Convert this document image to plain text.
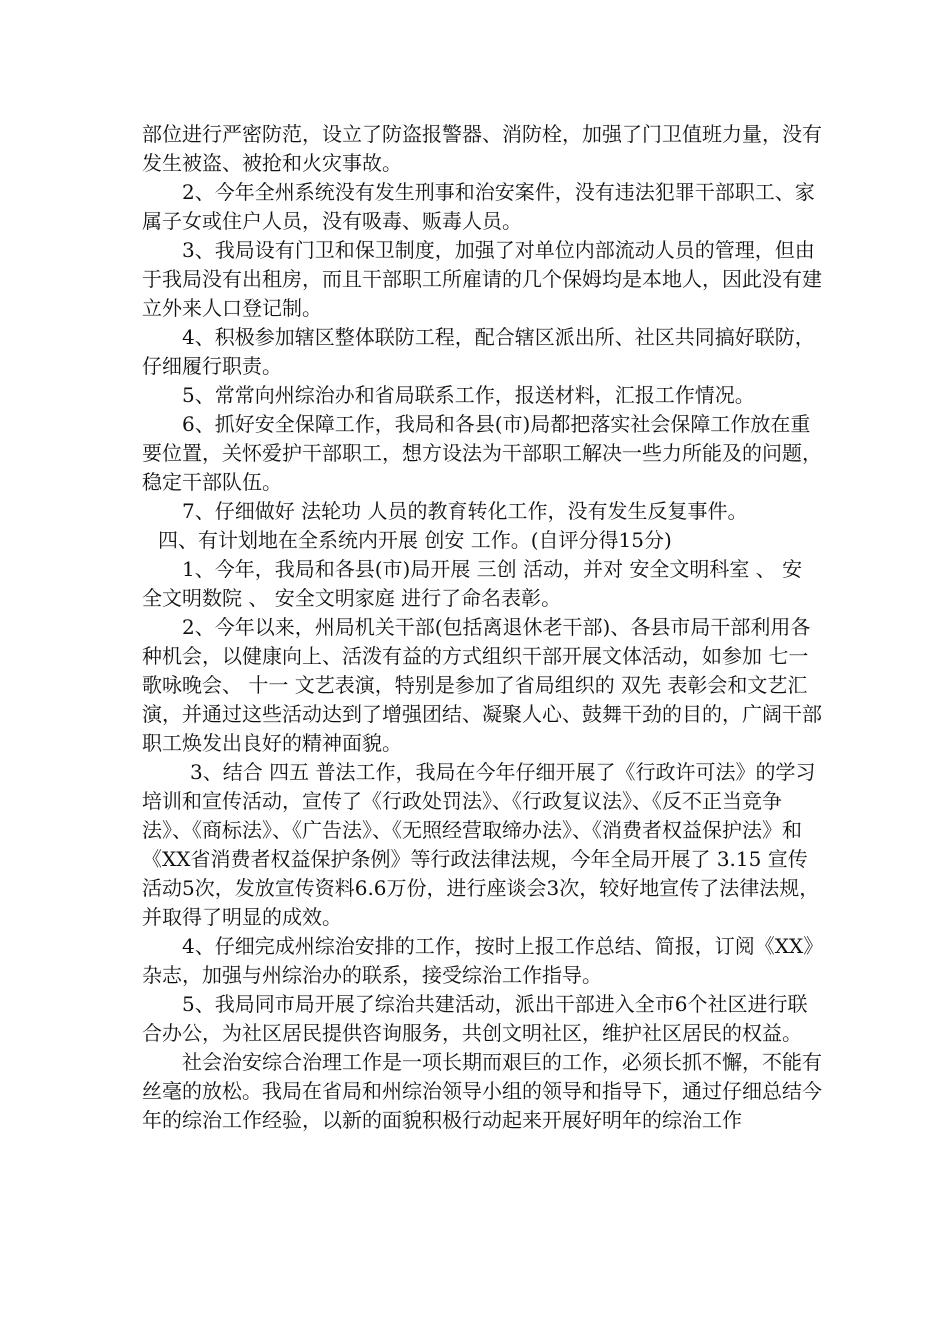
部位进行严密防范，设立了防盗报警器、消防栓，加强了门卫值班力量，没有发生被盗、被抢和火灾事故。

2、今年全州系统没有发生刑事和治安案件，没有违法犯罪干部职工、家属子女或住户人员，没有吸毒、贩毒人员。

3、我局设有门卫和保卫制度，加强了对单位内部流动人员的管理，但由于我局没有出租房，而且干部职工所雇请的几个保姆均是本地人，因此没有建立外来人口登记制。

4、积极参加辖区整体联防工程，配合辖区派出所、社区共同搞好联防，仔细履行职责。

5、常常向州综治办和省局联系工作，报送材料，汇报工作情况。

6、抓好安全保障工作，我局和各县(市)局都把落实社会保障工作放在重要位置，关怀爱护干部职工，想方设法为干部职工解决一些力所能及的问题，稳定干部队伍。

7、仔细做好 法轮功 人员的教育转化工作，没有发生反复事件。

四、有计划地在全系统内开展 创安 工作。(自评分得15分)

1、今年，我局和各县(市)局开展 三创 活动，并对 安全文明科室 、 安全文明数院 、 安全文明家庭 进行了命名表彰。

2、今年以来，州局机关干部(包括离退休老干部)、各县市局干部利用各种机会，以健康向上、活泼有益的方式组织干部开展文体活动，如参加 七一 歌咏晚会、 十一 文艺表演，特别是参加了省局组织的 双先 表彰会和文艺汇演，并通过这些活动达到了增强团结、凝聚人心、鼓舞干劲的目的，广阔干部职工焕发出良好的精神面貌。

3、结合 四五 普法工作，我局在今年仔细开展了《行政许可法》的学习培训和宣传活动，宣传了《行政处罚法》、《行政复议法》、《反不正当竞争法》、《商标法》、《广告法》、《无照经营取缔办法》、《消费者权益保护法》和《XX省消费者权益保护条例》等行政法律法规，今年全局开展了 3.15 宣传活动5次，发放宣传资料6.6万份，进行座谈会3次，较好地宣传了法律法规，并取得了明显的成效。

4、仔细完成州综治安排的工作，按时上报工作总结、简报，订阅《XX》杂志，加强与州综治办的联系，接受综治工作指导。

5、我局同市局开展了综治共建活动，派出干部进入全市6个社区进行联合办公，为社区居民提供咨询服务，共创文明社区，维护社区居民的权益。

社会治安综合治理工作是一项长期而艰巨的工作，必须长抓不懈，不能有丝毫的放松。我局在省局和州综治领导小组的领导和指导下，通过仔细总结今年的综治工作经验，以新的面貌积极行动起来开展好明年的综治工作
